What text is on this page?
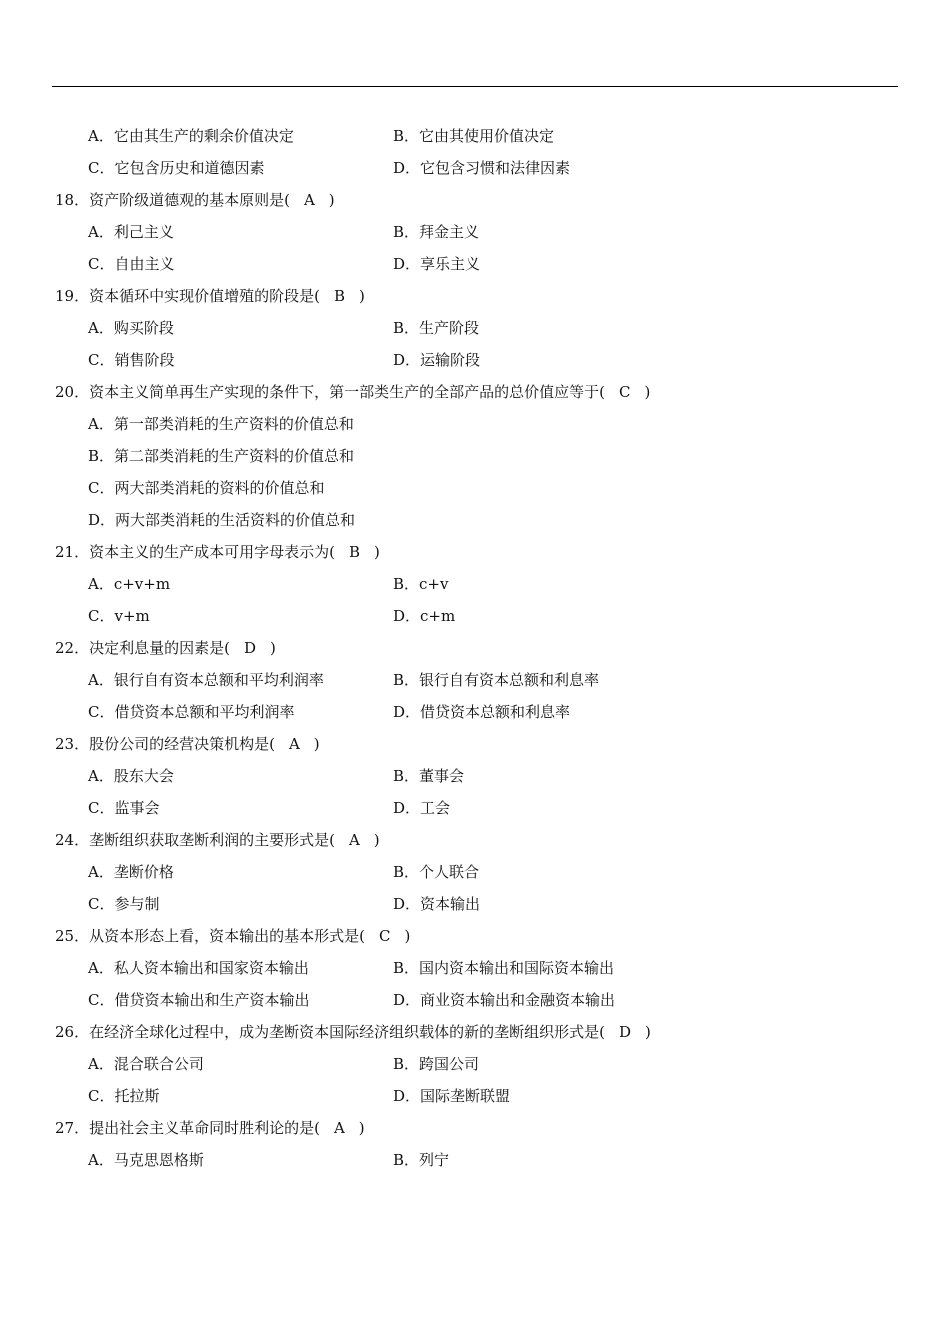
A．它由其生产的剩余价值决定	B．它由其使用价值决定
C．它包含历史和道德因素	D．它包含习惯和法律因素
18．资产阶级道德观的基本原则是( A )
A．利己主义	B．拜金主义
C．自由主义	D．享乐主义
19．资本循环中实现价值增殖的阶段是( B )
A．购买阶段	B．生产阶段
C．销售阶段	D．运输阶段
20．资本主义简单再生产实现的条件下，第一部类生产的全部产品的总价值应等于( C )
A．第一部类消耗的生产资料的价值总和
B．第二部类消耗的生产资料的价值总和
C．两大部类消耗的资料的价值总和
D．两大部类消耗的生活资料的价值总和
21．资本主义的生产成本可用字母表示为( B )
A．c+v+m	B．c+v
C．v+m	D．c+m
22．决定利息量的因素是( D )
A．银行自有资本总额和平均利润率	B．银行自有资本总额和利息率
C．借贷资本总额和平均利润率	D．借贷资本总额和利息率
23．股份公司的经营决策机构是( A )
A．股东大会	B．董事会
C．监事会	D．工会
24．垄断组织获取垄断利润的主要形式是( A )
A．垄断价格	B．个人联合
C．参与制	D．资本输出
25．从资本形态上看，资本输出的基本形式是( C )
A．私人资本输出和国家资本输出	B．国内资本输出和国际资本输出
C．借贷资本输出和生产资本输出	D．商业资本输出和金融资本输出
26．在经济全球化过程中，成为垄断资本国际经济组织载体的新的垄断组织形式是( D )
A．混合联合公司	B．跨国公司
C．托拉斯	D．国际垄断联盟
27．提出社会主义革命同时胜利论的是( A )
A．马克思恩格斯	B．列宁
